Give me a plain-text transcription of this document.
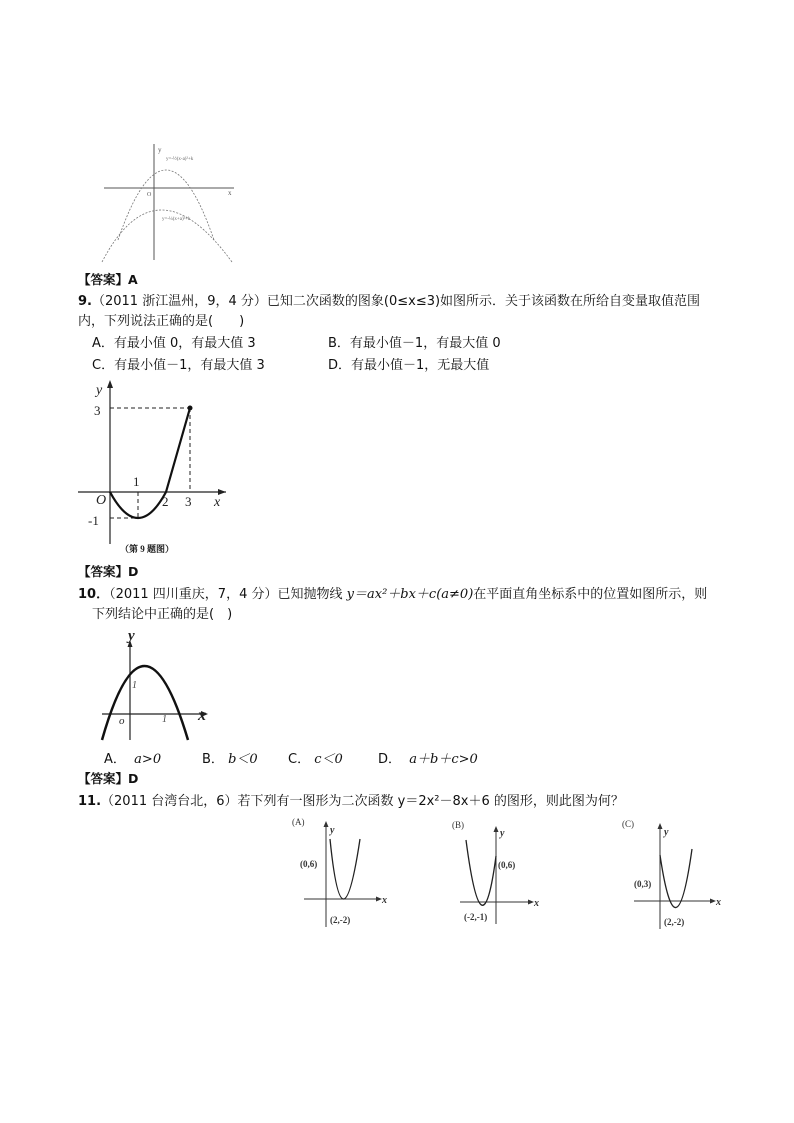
y
x
O
y=-½(x-a)²+k
y=-¼(x+a)²+k
【答案】A
9.（2011 浙江温州，9，4 分）已知二次函数的图象(0≤x≤3)如图所示．关于该函数在所给自变量取值范围
内，下列说法正确的是(　　)
A．有最小值 0，有最大值 3	B．有最小值－1，有最大值 0
C．有最小值－1，有最大值 3	D．有最小值－1，无最大值
y
x
O
3
-1
1
2 3
（第 9 题图）
【答案】D
10．（2011 四川重庆，7，4 分）已知抛物线 y＝ax²＋bx＋c(a≠0)在平面直角坐标系中的位置如图所示，则
下列结论中正确的是(　)
y
x
o
1
1
A． a>0	B． b＜0 C． c＜0	D． a＋b＋c>0
【答案】D
11.（2011 台湾台北，6）若下列有一图形为二次函数 y＝2x²－8x＋6 的图形，则此图为何？
(A)
y
x
(0,6)
(2,-2)
(B)
y
x
(0,6)
(-2,-1)
(C)
y
x
(0,3)
(2,-2)
